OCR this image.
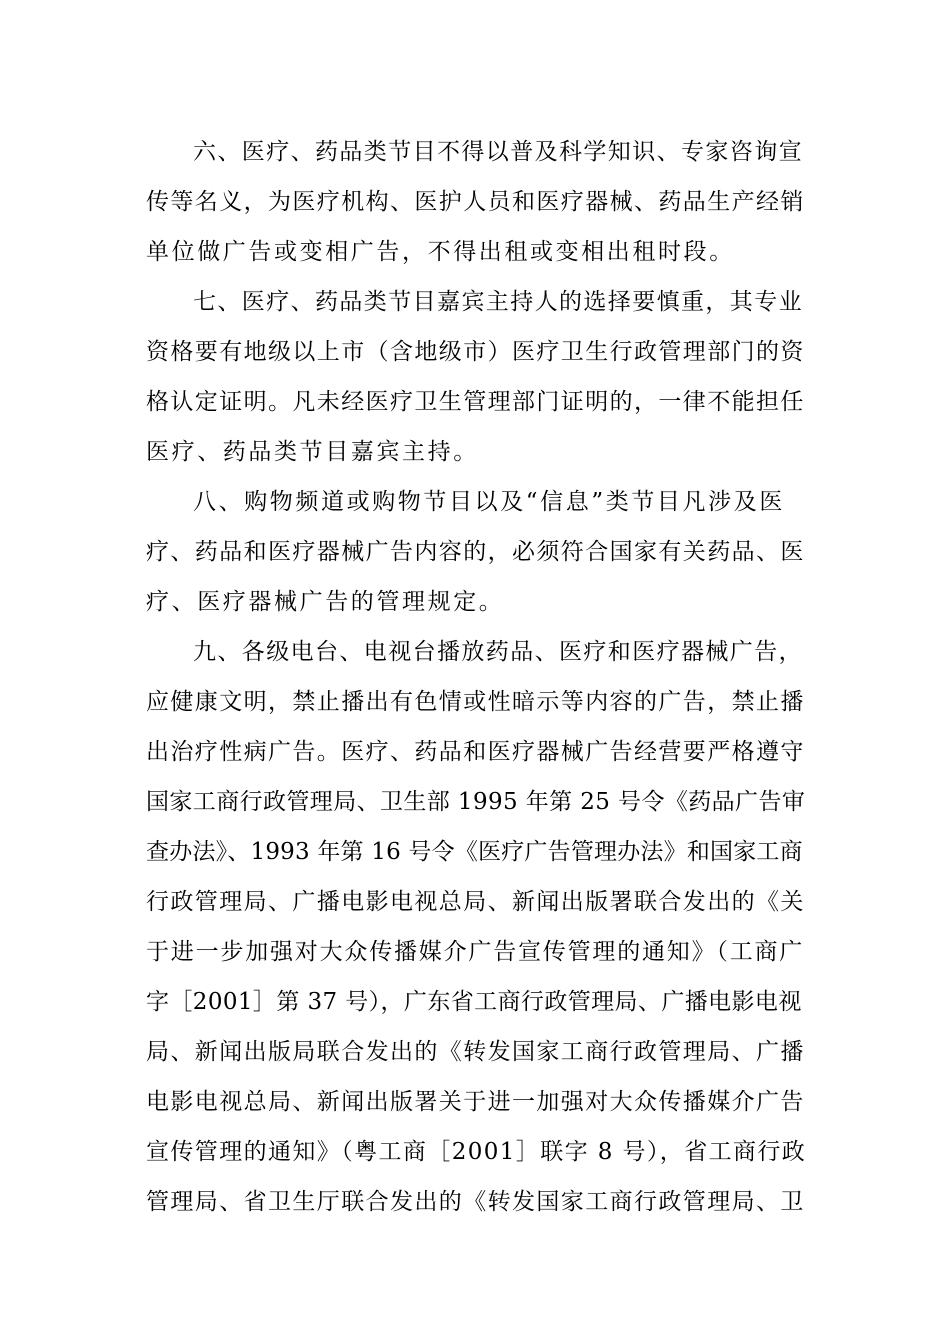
六、医疗、药品类节目不得以普及科学知识、专家咨询宣
传等名义，为医疗机构、医护人员和医疗器械、药品生产经销
单位做广告或变相广告，不得出租或变相出租时段。
七、医疗、药品类节目嘉宾主持人的选择要慎重，其专业
资格要有地级以上市（含地级市）医疗卫生行政管理部门的资
格认定证明。凡未经医疗卫生管理部门证明的，一律不能担任
医疗、药品类节目嘉宾主持。
八、购物频道或购物节目以及“信息”类节目凡涉及医
疗、药品和医疗器械广告内容的，必须符合国家有关药品、医
疗、医疗器械广告的管理规定。
九、各级电台、电视台播放药品、医疗和医疗器械广告，
应健康文明，禁止播出有色情或性暗示等内容的广告，禁止播
出治疗性病广告。医疗、药品和医疗器械广告经营要严格遵守
国家工商行政管理局、卫生部 1995 年第 25 号令《药品广告审
查办法》、1993 年第 16 号令《医疗广告管理办法》和国家工商
行政管理局、广播电影电视总局、新闻出版署联合发出的《关
于进一步加强对大众传播媒介广告宣传管理的通知》（工商广
字［2001］第 37 号），广东省工商行政管理局、广播电影电视
局、新闻出版局联合发出的《转发国家工商行政管理局、广播
电影电视总局、新闻出版署关于进一加强对大众传播媒介广告
宣传管理的通知》（粤工商［2001］联字 8 号），省工商行政
管理局、省卫生厅联合发出的《转发国家工商行政管理局、卫
